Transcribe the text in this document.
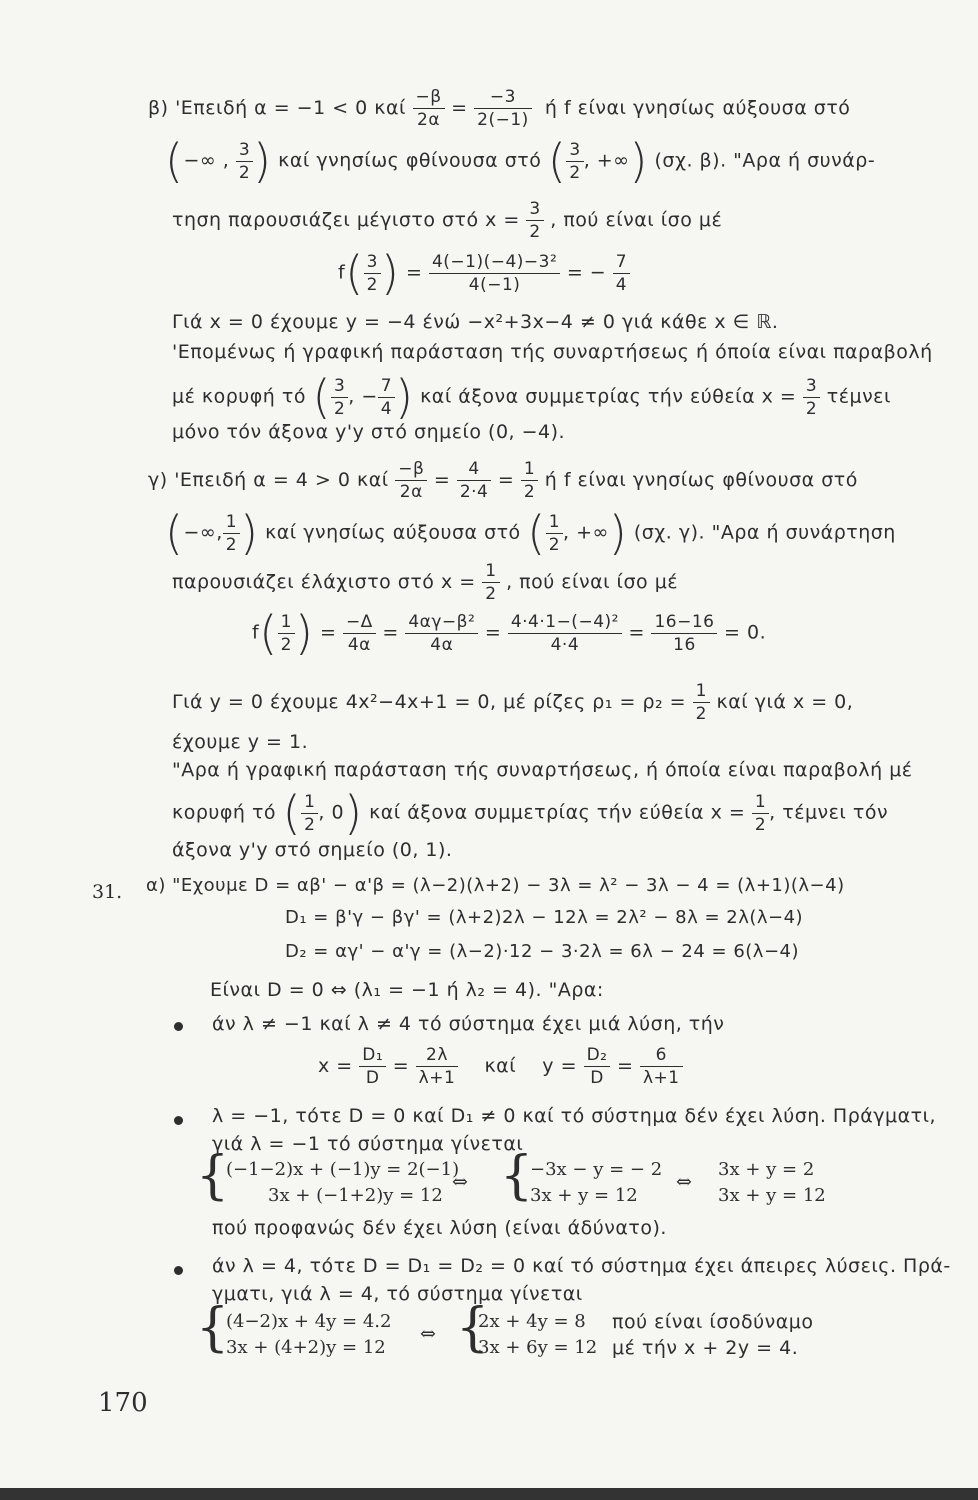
β) 'Επειδή α = −1 < 0 καί $\frac{-\beta}{2\alpha} = \frac{-3}{2(-1)}$ ή f είναι γνησίως αύξουσα στό
(−∞ , $\frac{3}{2}$ ) καί γνησίως φθίνουσα στό ( $\frac{3}{2}$ , +∞) (σχ. β). "Αρα ή συνάρ-
τηση παρουσιάζει μέγιστο στό $x = \frac{3}{2}$ , πού είναι ίσο μέ
$f( \frac{3}{2}$ ) = $\frac{\text{4(−1)(−4)−3²}}{4(-1)}$ = − $\frac{7}{4}$
Γιά x = 0 έχουμε y = −4 ένώ −x²+3x−4 ≠ 0 γιά κάθε x ∈ ℝ.
'Επομένως ή γραφική παράσταση τής συναρτήσεως ή όποία είναι παραβολή
μέ κορυφή τό ( $\frac{3}{2}$ , − $\frac{7}{4}$ ) καί άξονα συμμετρίας τήν εύθεία $x = \frac{3}{2}$ τέμνει
μόνο τόν άξονα y'y στό σημείο (0, −4).
γ) 'Επειδή α = 4 > 0 καί $\frac{-\beta}{2\alpha} = \frac{4}{2\cdot 4} = \frac{1}{2}$ ή f είναι γνησίως φθίνουσα στό
(−∞, $\frac{1}{2}$ ) καί γνησίως αύξουσα στό ( $\frac{1}{2}$ , +∞) (σχ. γ). "Αρα ή συνάρτηση
παρουσιάζει έλάχιστο στό $x = \frac{1}{2}$ , πού είναι ίσο μέ
$f( \frac{1}{2}$ ) = $\frac{-\Delta}{4\alpha} = \frac{\text{4αγ−β²}}{4\alpha} = \frac{\text{4·4·1−(−4)²}}{4\cdot 4} = \frac{16-16}{16} = 0$.
Γιά y = 0 έχουμε 4x²−4x+1 = 0, μέ ρίζες $\rho_1 = \rho_2 = \frac{1}{2}$ καί γιά x = 0,
έχουμε y = 1.
"Αρα ή γραφική παράσταση τής συναρτήσεως, ή όποία είναι παραβολή μέ
κορυφή τό ( $\frac{1}{2}$ , 0) καί άξονα συμμετρίας τήν εύθεία $x = \frac{1}{2}$ , τέμνει τόν
άξονα y'y στό σημείο (0, 1).
31. α) "Εχουμε D = αβ' − α'β = (λ−2)(λ+2) − 3λ = λ² − 3λ − 4 = (λ+1)(λ−4)
D₁ = β'γ − βγ' = (λ+2)2λ − 12λ = 2λ² − 8λ = 2λ(λ−4)
D₂ = αγ' − α'γ = (λ−2)·12 − 3·2λ = 6λ − 24 = 6(λ−4)
Είναι D = 0 ⇔ (λ₁ = −1 ή λ₂ = 4). "Αρα:
άν λ ≠ −1 καί λ ≠ 4 τό σύστημα έχει μιά λύση, τήν
$x = \frac{\text{D₁}}{D} = \frac{2\lambda}{\lambda+1}$ καί $y = \frac{\text{D₂}}{D} = \frac{6}{\lambda+1}$
λ = −1, τότε D = 0 καί D₁ ≠ 0 καί τό σύστημα δέν έχει λύση. Πράγματι,
γιά λ = −1 τό σύστημα γίνεται
{
(−1−2)x + (−1)y = 2(−1)
3x + (−1+2)y = 12
⇔ {
−3x − y = − 2
3x + y = 12
⇔
3x + y = 2
3x + y = 12
πού προφανώς δέν έχει λύση (είναι άδύνατο).
άν λ = 4, τότε D = D₁ = D₂ = 0 καί τό σύστημα έχει άπειρες λύσεις. Πρά-
γματι, γιά λ = 4, τό σύστημα γίνεται
{
(4−2)x + 4y = 4.2
3x + (4+2)y = 12
⇔ {
2x + 4y = 8
3x + 6y = 12
πού είναι ίσοδύναμο
μέ τήν x + 2y = 4.
170
